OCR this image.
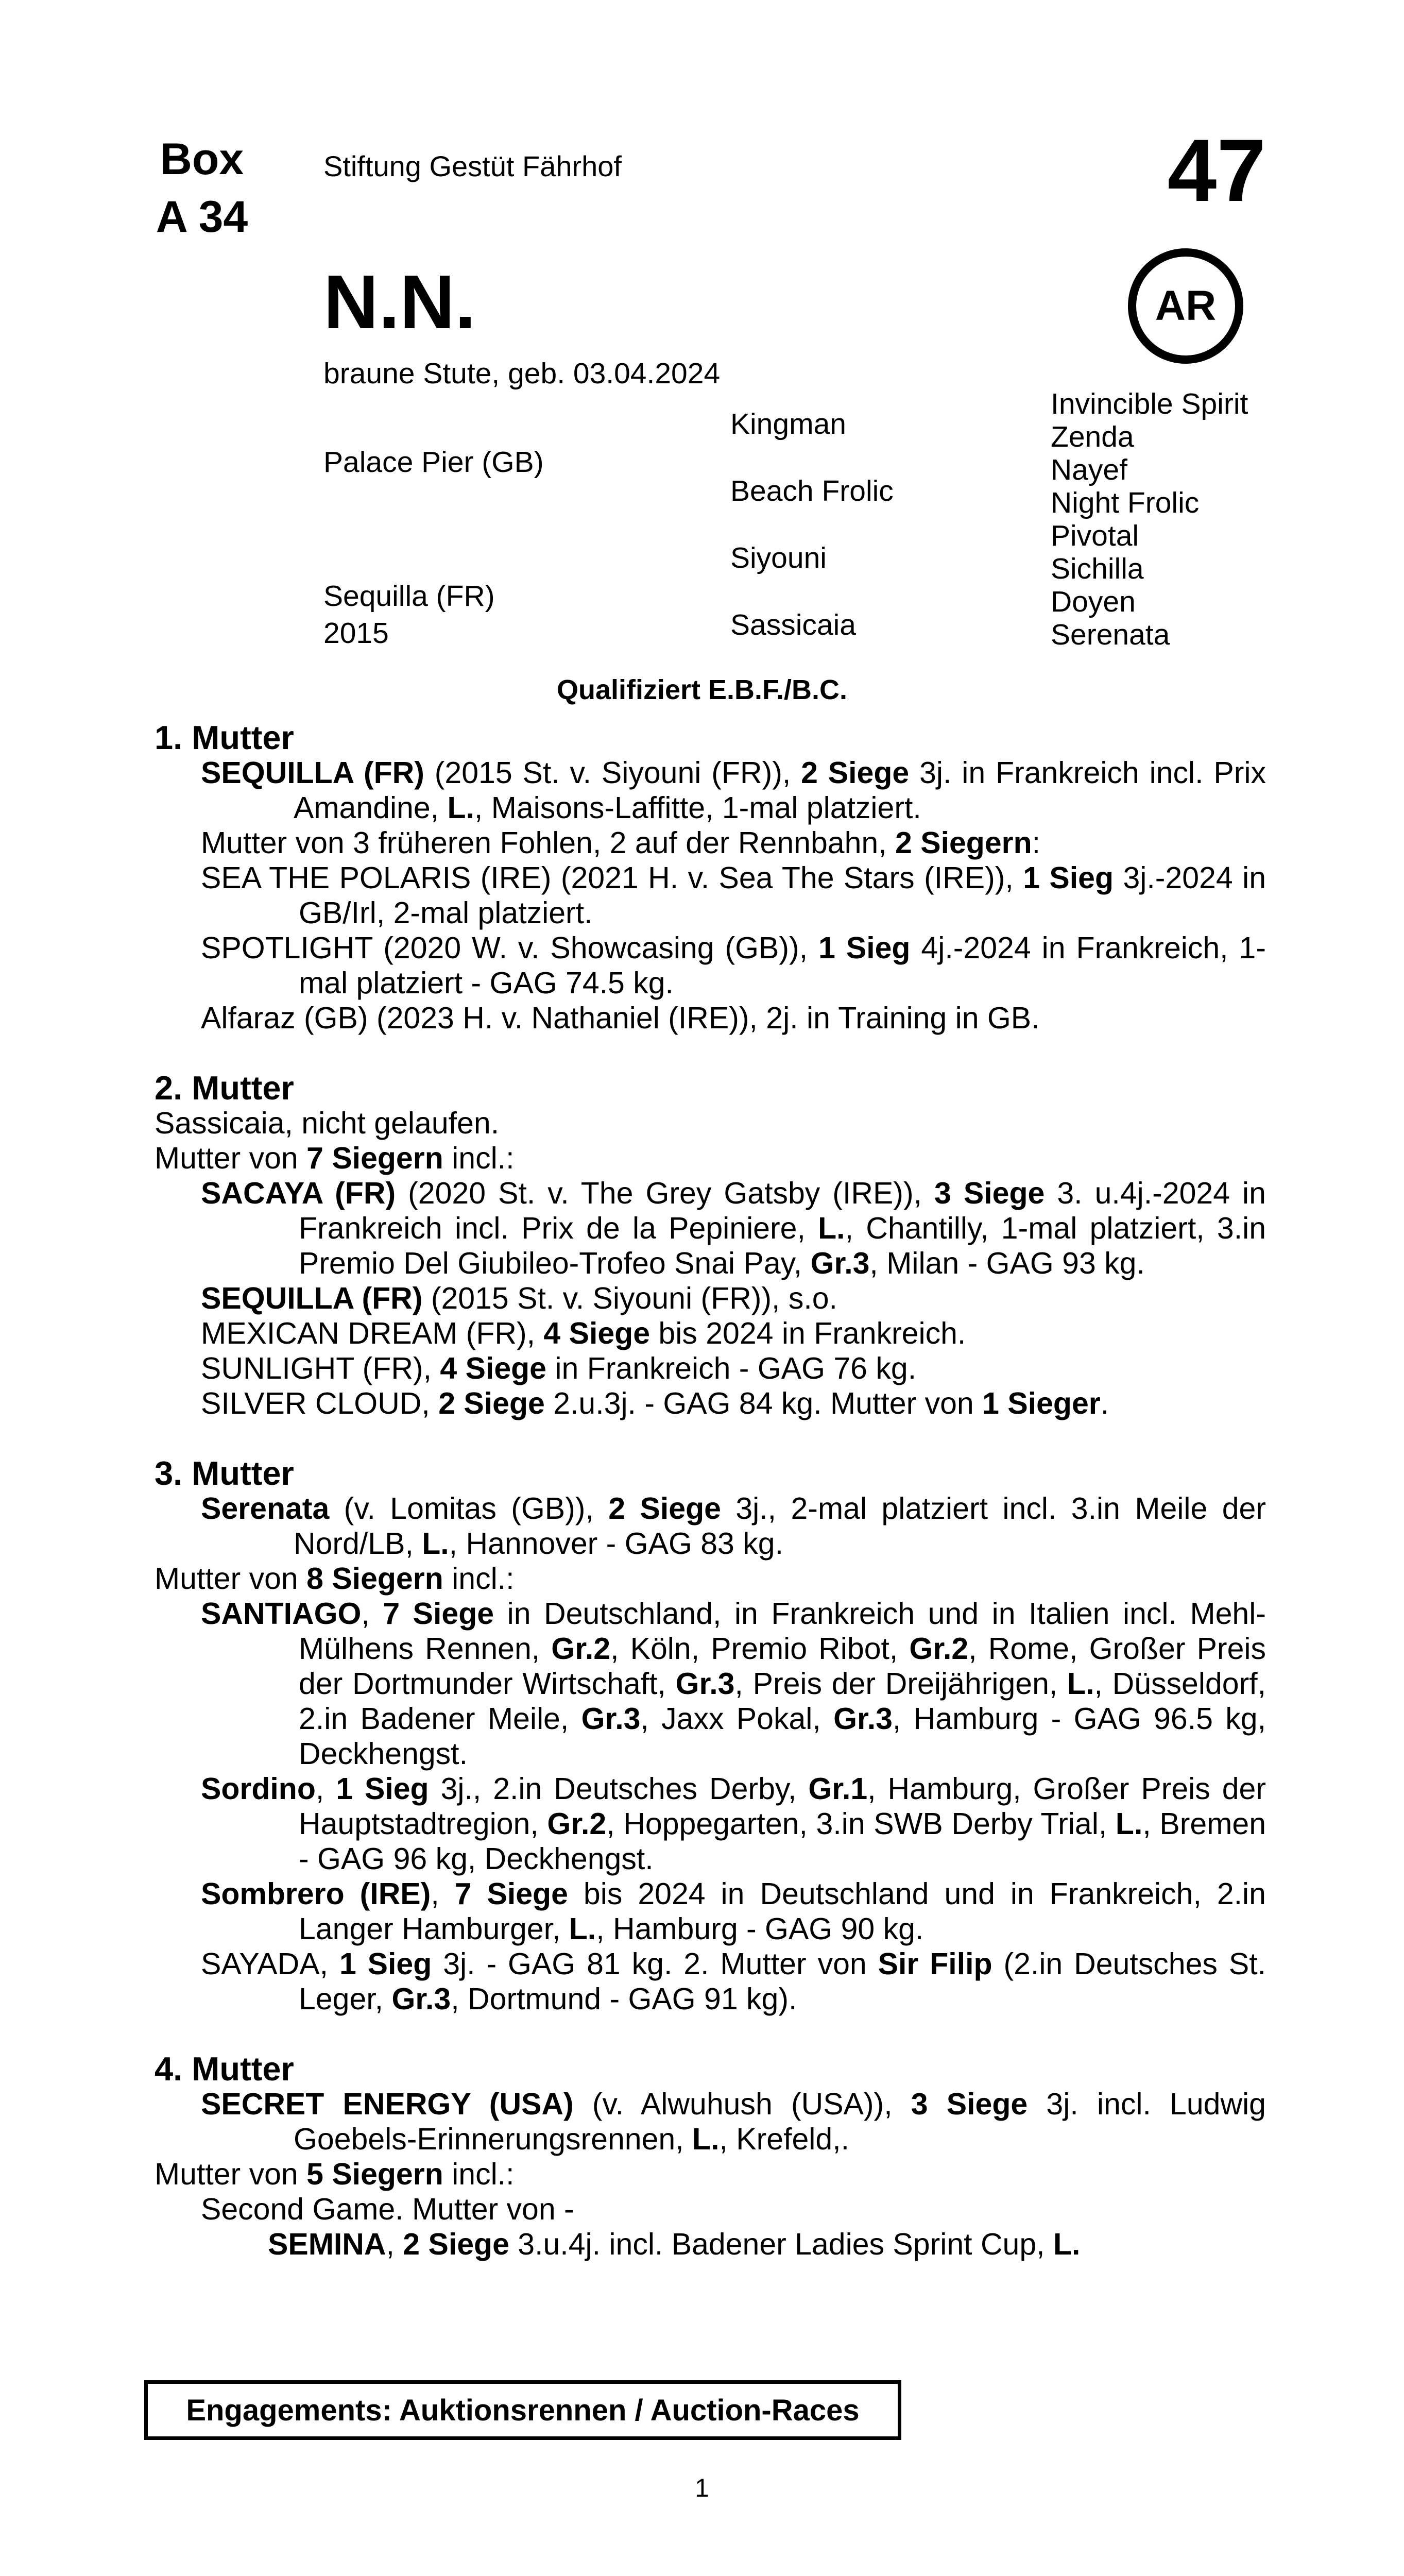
Box
A 34	47
AR
Stiftung Gestüt Fährhof
N.N.
braune Stute, geb. 03.04.2024
Palace Pier (GB)
Sequilla (FR)
2015
Kingman
Beach Frolic
Siyouni
Sassicaia
Invincible Spirit
Zenda
Nayef
Night Frolic
Pivotal
Sichilla
Doyen
Serenata
Qualifiziert E.B.F./B.C.
1. Mutter
SEQUILLA (FR) (2015 St. v. Siyouni (FR)), 2 Siege 3j. in Frankreich incl. Prix Amandine, L., Maisons-Laffitte, 1-mal platziert.
Mutter von 3 früheren Fohlen, 2 auf der Rennbahn, 2 Siegern:
SEA THE POLARIS (IRE) (2021 H. v. Sea The Stars (IRE)), 1 Sieg 3j.-2024 in GB/Irl, 2-mal platziert.
SPOTLIGHT (2020 W. v. Showcasing (GB)), 1 Sieg 4j.-2024 in Frankreich, 1-mal platziert - GAG 74.5 kg.
Alfaraz (GB) (2023 H. v. Nathaniel (IRE)), 2j. in Training in GB.
2. Mutter
Sassicaia, nicht gelaufen.
Mutter von 7 Siegern incl.:
SACAYA (FR) (2020 St. v. The Grey Gatsby (IRE)), 3 Siege 3. u.4j.-2024 in Frankreich incl. Prix de la Pepiniere, L., Chantilly, 1-mal platziert, 3.in Premio Del Giubileo-Trofeo Snai Pay, Gr.3, Milan - GAG 93 kg.
SEQUILLA (FR) (2015 St. v. Siyouni (FR)), s.o.
MEXICAN DREAM (FR), 4 Siege bis 2024 in Frankreich.
SUNLIGHT (FR), 4 Siege in Frankreich - GAG 76 kg.
SILVER CLOUD, 2 Siege 2.u.3j. - GAG 84 kg. Mutter von 1 Sieger.
3. Mutter
Serenata (v. Lomitas (GB)), 2 Siege 3j., 2-mal platziert incl. 3.in Meile der Nord/LB, L., Hannover - GAG 83 kg.
Mutter von 8 Siegern incl.:
SANTIAGO, 7 Siege in Deutschland, in Frankreich und in Italien incl. Mehl-Mülhens Rennen, Gr.2, Köln, Premio Ribot, Gr.2, Rome, Großer Preis der Dortmunder Wirtschaft, Gr.3, Preis der Dreijährigen, L., Düsseldorf, 2.in Badener Meile, Gr.3, Jaxx Pokal, Gr.3, Hamburg - GAG 96.5 kg, Deckhengst.
Sordino, 1 Sieg 3j., 2.in Deutsches Derby, Gr.1, Hamburg, Großer Preis der Hauptstadtregion, Gr.2, Hoppegarten, 3.in SWB Derby Trial, L., Bremen - GAG 96 kg, Deckhengst.
Sombrero (IRE), 7 Siege bis 2024 in Deutschland und in Frankreich, 2.in Langer Hamburger, L., Hamburg - GAG 90 kg.
SAYADA, 1 Sieg 3j. - GAG 81 kg. 2. Mutter von Sir Filip (2.in Deutsches St. Leger, Gr.3, Dortmund - GAG 91 kg).
4. Mutter
SECRET ENERGY (USA) (v. Alwuhush (USA)), 3 Siege 3j. incl. Ludwig Goebels-Erinnerungsrennen, L., Krefeld,.
Mutter von 5 Siegern incl.:
Second Game. Mutter von -
SEMINA, 2 Siege 3.u.4j. incl. Badener Ladies Sprint Cup, L.
Engagements: Auktionsrennen / Auction-Races
1
